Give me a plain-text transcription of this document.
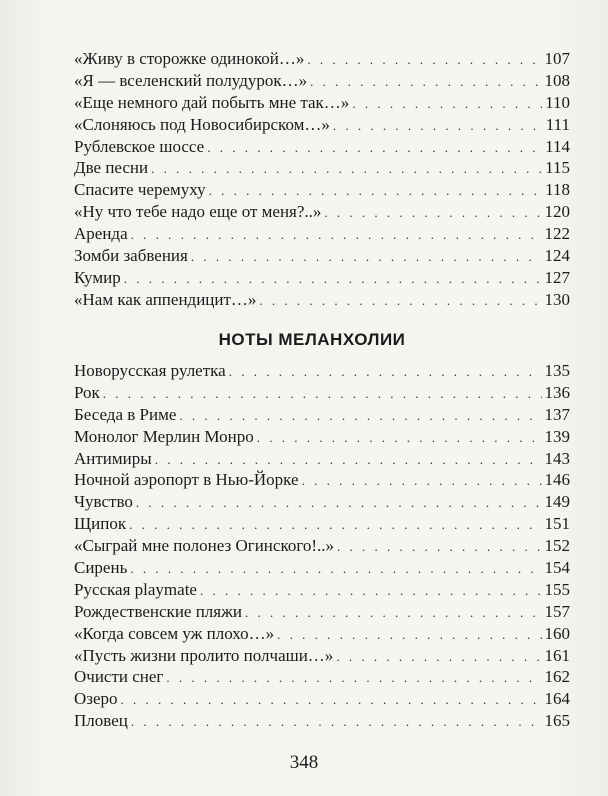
«Живу в сторожке одинокой…» . . .	107
«Я — вселенский полудурок…» . . .	108
«Еще немного дай побыть мне так…» . . .	110
«Слоняюсь под Новосибирском…» . . .	111
Рублевское шоссе . . .	114
Две песни . . .	115
Спасите черемуху . . .	118
«Ну что тебе надо еще от меня?..» . . .	120
Аренда . . .	122
Зомби забвения . . .	124
Кумир . . .	127
«Нам как аппендицит…» . . .	130
НОТЫ МЕЛАНХОЛИИ
Новорусская рулетка . . .	135
Рок . . .	136
Беседа в Риме . . .	137
Монолог Мерлин Монро . . .	139
Антимиры . . .	143
Ночной аэропорт в Нью-Йорке . . .	146
Чувство . . .	149
Щипок . . .	151
«Сыграй мне полонез Огинского!..» . . .	152
Сирень . . .	154
Русская playmate . . .	155
Рождественские пляжи . . .	157
«Когда совсем уж плохо…» . . .	160
«Пусть жизни пролито полчаши…» . . .	161
Очисти снег . . .	162
Озеро . . .	164
Пловец . . .	165
348
